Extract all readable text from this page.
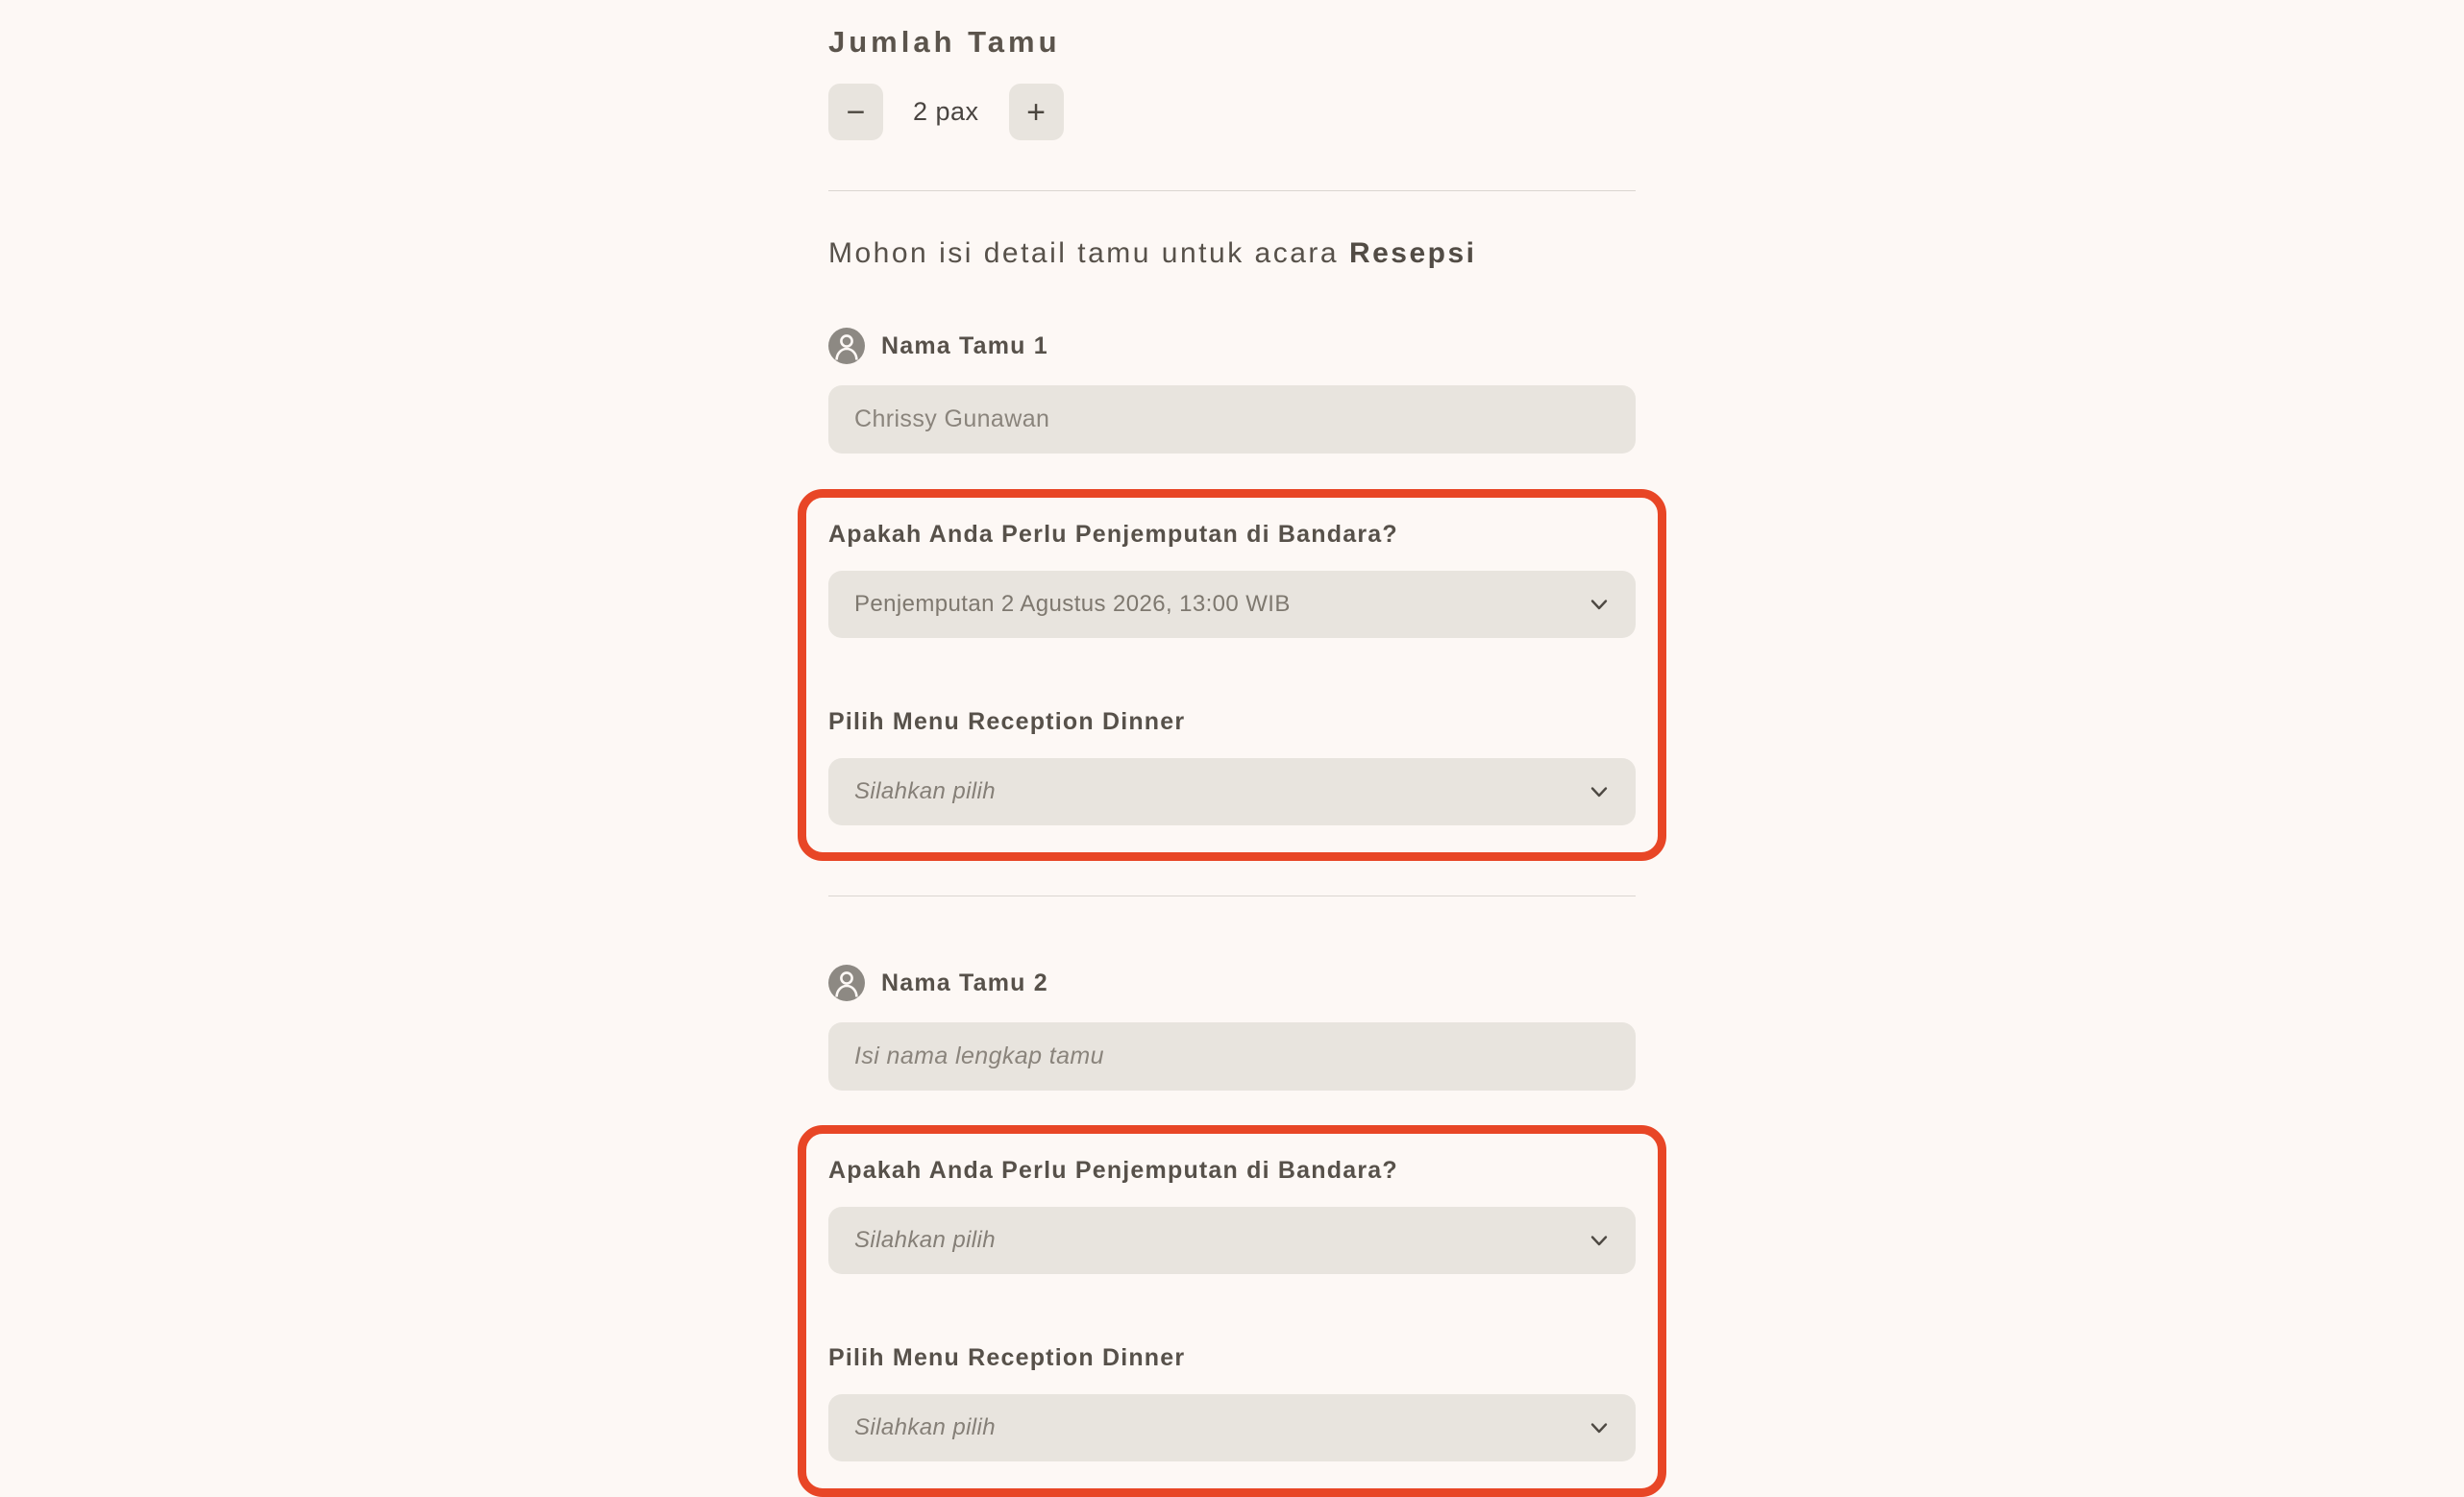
Jumlah Tamu
− 2 pax +
Mohon isi detail tamu untuk acara Resepsi
Nama Tamu 1
Chrissy Gunawan

Apakah Anda Perlu Penjemputan di Bandara?

Penjemputan 2 Agustus 2026, 13:00 WIB

Pilih Menu Reception Dinner

Silahkan pilih
Nama Tamu 2
Isi nama lengkap tamu

Apakah Anda Perlu Penjemputan di Bandara?

Silahkan pilih

Pilih Menu Reception Dinner

Silahkan pilih
